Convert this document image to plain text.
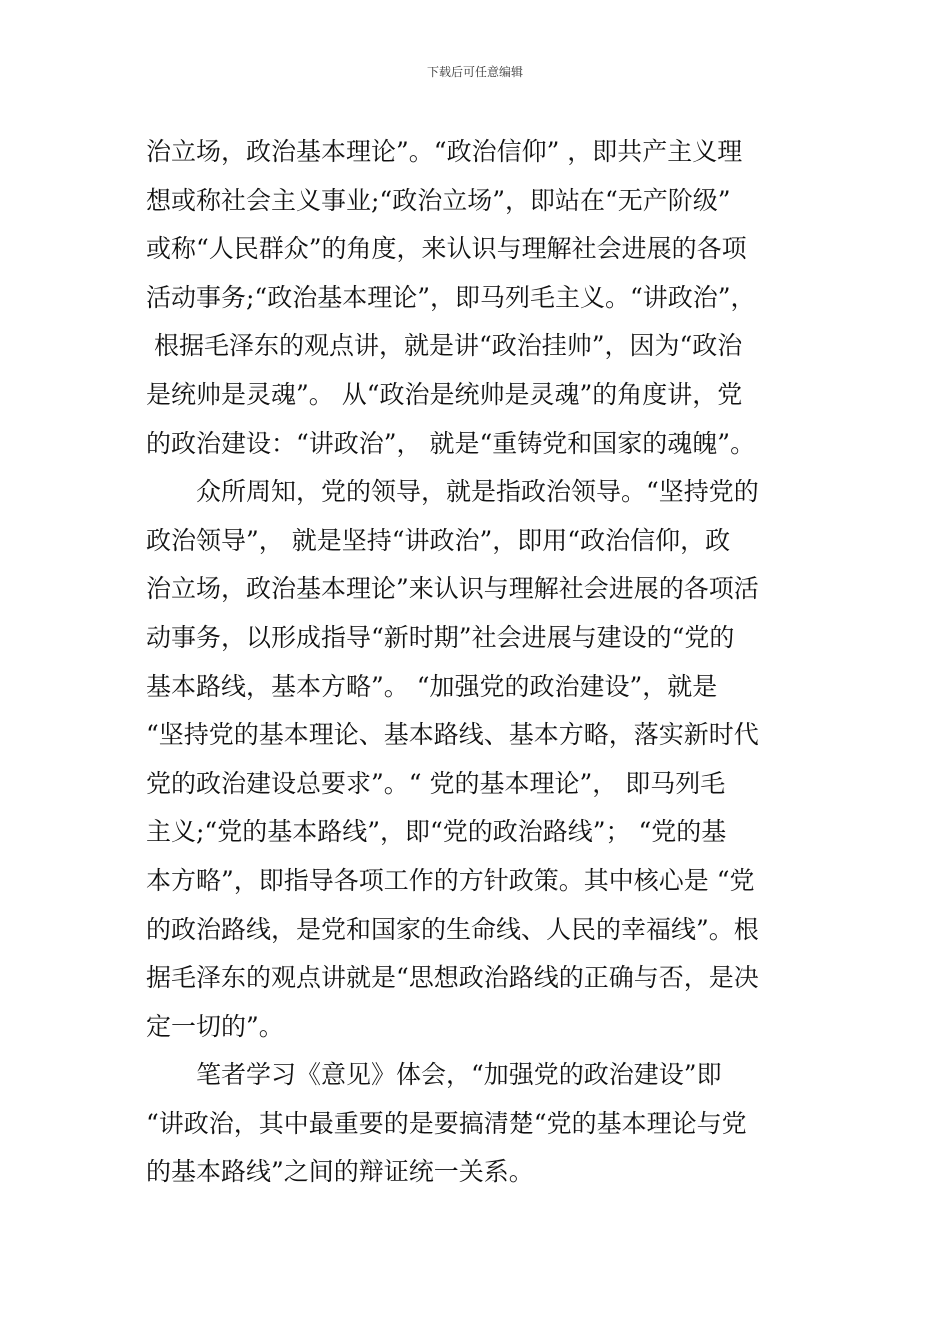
下载后可任意编辑
治立场，政治基本理论”。“政治信仰” ，即共产主义理
想或称社会主义事业;“政治立场”，即站在“无产阶级”
或称“人民群众”的角度，来认识与理解社会进展的各项
活动事务;“政治基本理论”，即马列毛主义。“讲政治”，
根据毛泽东的观点讲，就是讲“政治挂帅”，因为“政治
是统帅是灵魂”。 从“政治是统帅是灵魂”的角度讲，党
的政治建设：“讲政治”， 就是“重铸党和国家的魂魄”。
众所周知，党的领导，就是指政治领导。“坚持党的
政治领导”， 就是坚持“讲政治”，即用“政治信仰，政
治立场，政治基本理论”来认识与理解社会进展的各项活
动事务，以形成指导“新时期”社会进展与建设的“党的
基本路线，基本方略”。 “加强党的政治建设”，就是
“坚持党的基本理论、基本路线、基本方略，落实新时代
党的政治建设总要求”。“ 党的基本理论”， 即马列毛
主义;“党的基本路线”，即“党的政治路线”； “党的基
本方略”，即指导各项工作的方针政策。其中核心是 “党
的政治路线，是党和国家的生命线、人民的幸福线”。根
据毛泽东的观点讲就是“思想政治路线的正确与否，是决
定一切的”。
笔者学习《意见》体会，“加强党的政治建设”即
“讲政治，其中最重要的是要搞清楚“党的基本理论与党
的基本路线”之间的辩证统一关系。
